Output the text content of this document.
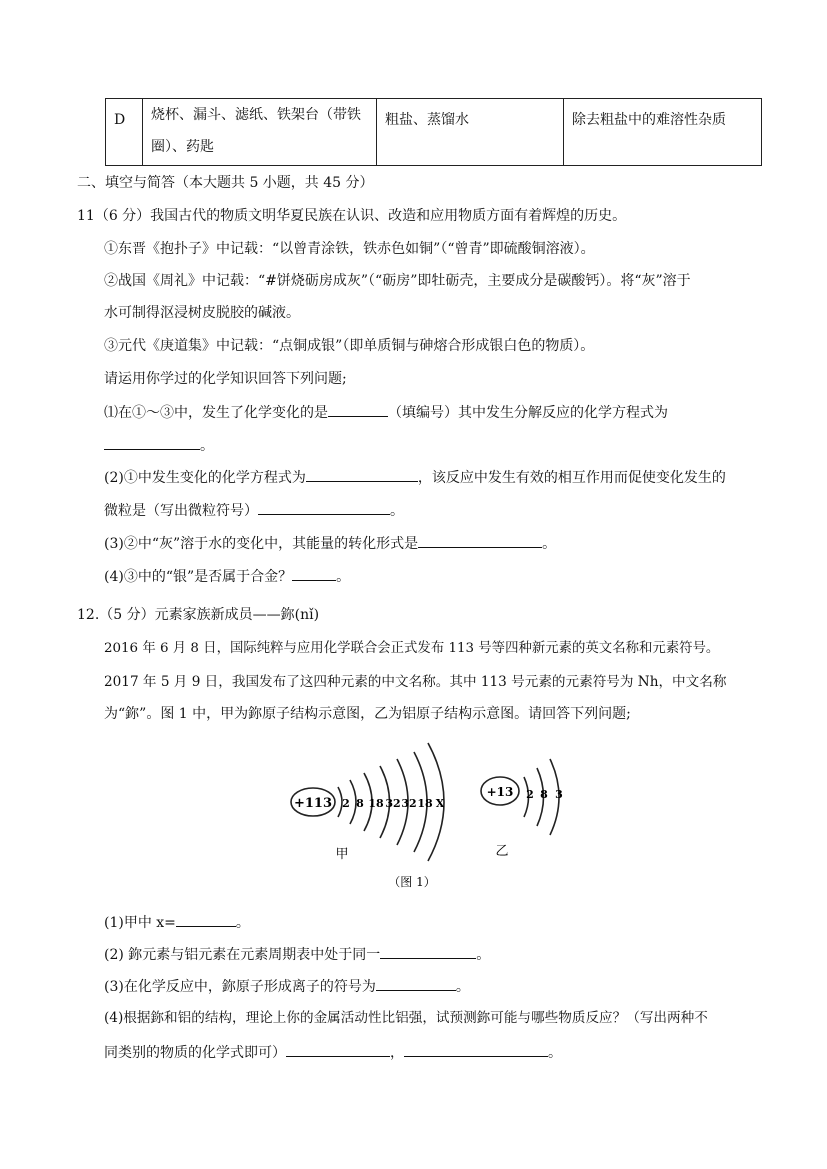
D	烧杯、漏斗、滤纸、铁架台（带铁圈）、药匙	粗盐、蒸馏水	除去粗盐中的难溶性杂质
二、填空与简答（本大题共 5 小题，共 45 分）
11（6 分）我国古代的物质文明华夏民族在认识、改造和应用物质方面有着辉煌的历史。
①东晋《抱扑子》中记载：“以曾青涂铁，铁赤色如铜”（“曾青”即硫酸铜溶液）。
②战国《周礼》中记载：“#饼烧砺房成灰”（“砺房”即牡砺壳，主要成分是碳酸钙）。将“灰”溶于
水可制得沤浸树皮脱胶的碱液。
③元代《庚道集》中记载：“点铜成银”（即单质铜与砷熔合形成银白色的物质）。
请运用你学过的化学知识回答下列问题;
⑴在①～③中，发生了化学变化的是	（填编号）其中发生分解反应的化学方程式为
。
(2)①中发生变化的化学方程式为	，该反应中发生有效的相互作用而促使变化发生的
微粒是（写出微粒符号）	。
(3)②中“灰”溶于水的变化中，其能量的转化形式是	。
(4)③中的“银”是否属于合金？	。
12.（5 分）元素家族新成员——鉨(nǐ)
2016 年 6 月 8 日，国际纯粹与应用化学联合会正式发布 113 号等四种新元素的英文名称和元素符号。
2017 年 5 月 9 日，我国发布了这四种元素的中文名称。其中 113 号元素的元素符号为 Nh，中文名称
为“鉨”。图 1 中，甲为鉨原子结构示意图，乙为铝原子结构示意图。请回答下列问题;
+113 2 8 18 32 32 18 X
+13 2 8 3
甲	乙
（图 1）
(1)甲中 x=	。
(2) 鉨元素与铝元素在元素周期表中处于同一	。
(3)在化学反应中，鉨原子形成离子的符号为	。
(4)根据鉨和铝的结构，理论上你的金属活动性比铝强，试预测鉨可能与哪些物质反应？（写出两种不
同类别的物质的化学式即可）	，	。
